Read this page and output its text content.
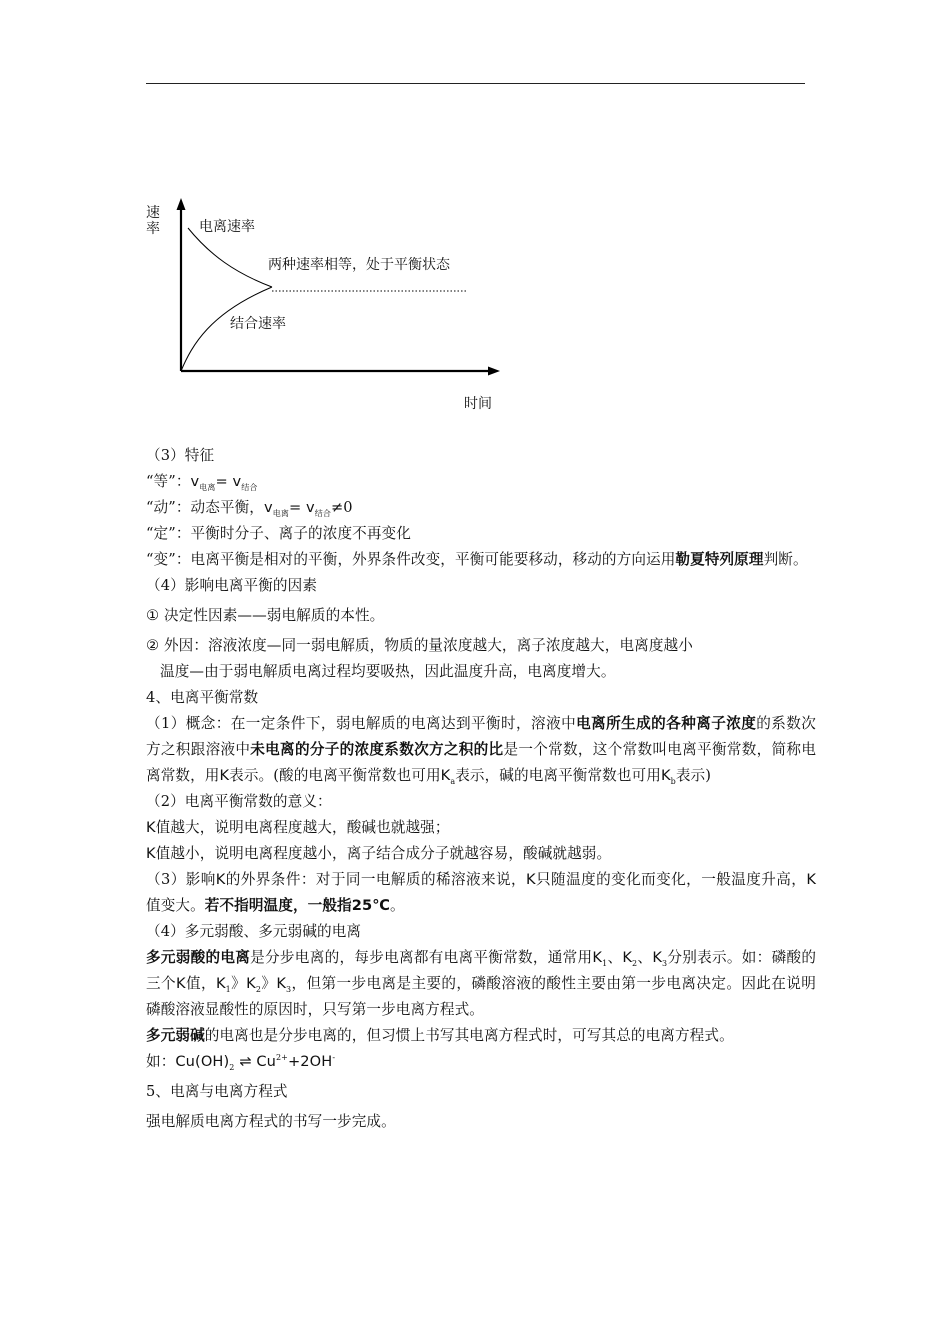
速
率	电离速率
两种速率相等，处于平衡状态
结合速率
时间

（3）特征

“等”：$v_{电离}= v_{结合}$

“动”：动态平衡，$v_{电离}= v_{结合}\ne 0$

“定”：平衡时分子、离子的浓度不再变化

“变”：电离平衡是相对的平衡，外界条件改变，平衡可能要移动，移动的方向运用勒夏特列原理判断。

（4）影响电离平衡的因素

① 决定性因素——弱电解质的本性。

② 外因：溶液浓度—同一弱电解质，物质的量浓度越大，离子浓度越大，电离度越小

温度—由于弱电解质电离过程均要吸热，因此温度升高，电离度增大。

4、电离平衡常数

（1）概念：在一定条件下，弱电解质的电离达到平衡时，溶液中电离所生成的各种离子浓度的系数次方之积跟溶液中未电离的分子的浓度系数次方之积的比是一个常数，这个常数叫电离平衡常数，简称电离常数，用K表示。(酸的电离平衡常数也可用$K_a$表示，碱的电离平衡常数也可用$K_b$表示)

（2）电离平衡常数的意义：

K值越大，说明电离程度越大，酸碱也就越强；

K值越小，说明电离程度越小，离子结合成分子就越容易，酸碱就越弱。

（3）影响K的外界条件：对于同一电解质的稀溶液来说，K只随温度的变化而变化，一般温度升高，K值变大。若不指明温度，一般指25℃。

（4）多元弱酸、多元弱碱的电离

多元弱酸的电离是分步电离的，每步电离都有电离平衡常数，通常用$K_1$、$K_2$、$K_3$分别表示。如：磷酸的三个K值，$K_1$》$K_2$》$K_3$，但第一步电离是主要的，磷酸溶液的酸性主要由第一步电离决定。因此在说明磷酸溶液显酸性的原因时，只写第一步电离方程式。

多元弱碱的电离也是分步电离的，但习惯上书写其电离方程式时，可写其总的电离方程式。

如：$Cu(OH)_2$ ⇌ $Cu^{2+}+2OH^-$

5、电离与电离方程式

强电解质电离方程式的书写一步完成。
